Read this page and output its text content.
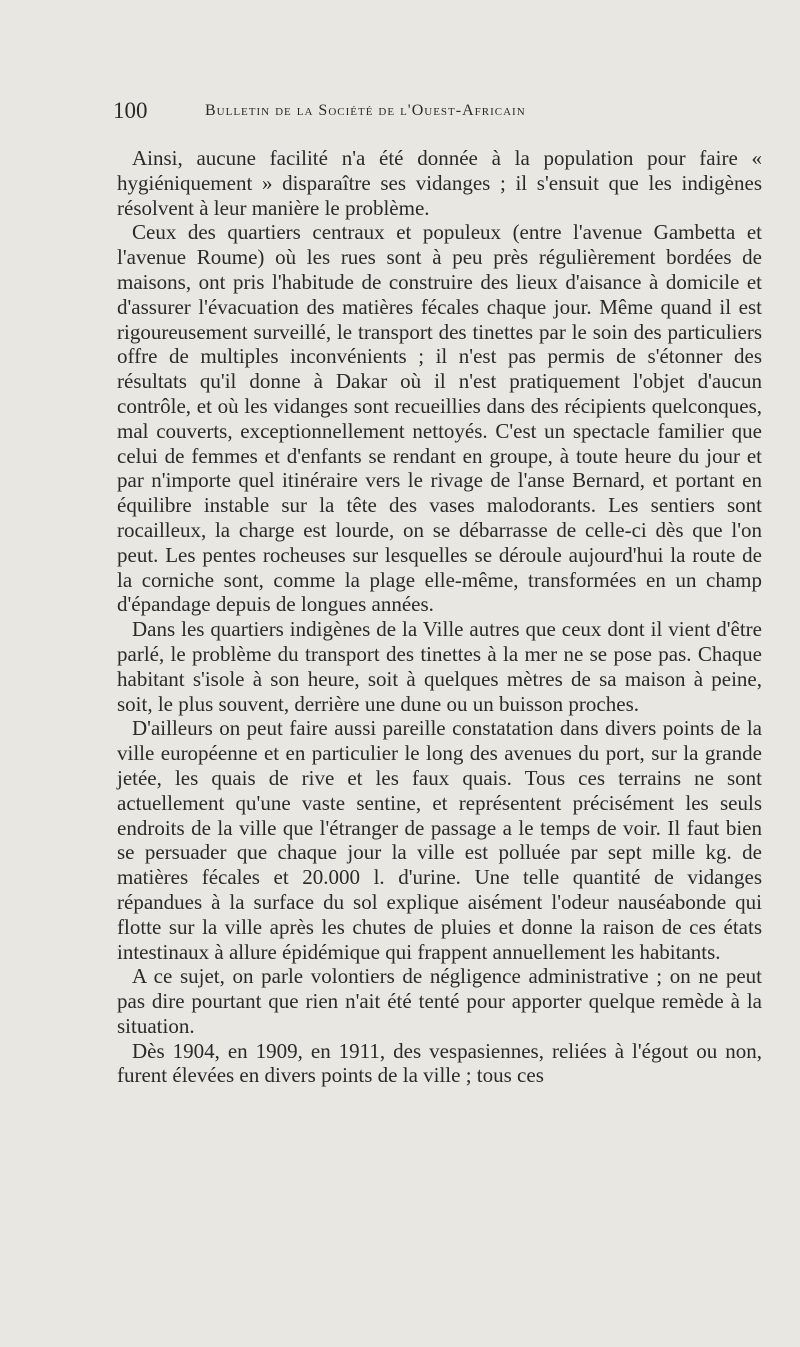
100	Bulletin de la Société de l'Ouest-Africain

Ainsi, aucune facilité n'a été donnée à la population pour faire « hygiéniquement » disparaître ses vidanges ; il s'ensuit que les indigènes résolvent à leur manière le problème.

Ceux des quartiers centraux et populeux (entre l'avenue Gambetta et l'avenue Roume) où les rues sont à peu près régulièrement bordées de maisons, ont pris l'habitude de construire des lieux d'aisance à domicile et d'assurer l'évacuation des matières fécales chaque jour. Même quand il est rigoureusement surveillé, le transport des tinettes par le soin des particuliers offre de multiples inconvénients ; il n'est pas permis de s'étonner des résultats qu'il donne à Dakar où il n'est pratiquement l'objet d'aucun contrôle, et où les vidanges sont recueillies dans des récipients quelconques, mal couverts, exceptionnellement nettoyés. C'est un spectacle familier que celui de femmes et d'enfants se rendant en groupe, à toute heure du jour et par n'importe quel itinéraire vers le rivage de l'anse Bernard, et portant en équilibre instable sur la tête des vases malodorants. Les sentiers sont rocailleux, la charge est lourde, on se débarrasse de celle-ci dès que l'on peut. Les pentes rocheuses sur lesquelles se déroule aujourd'hui la route de la corniche sont, comme la plage elle-même, transformées en un champ d'épandage depuis de longues années.

Dans les quartiers indigènes de la Ville autres que ceux dont il vient d'être parlé, le problème du transport des tinettes à la mer ne se pose pas. Chaque habitant s'isole à son heure, soit à quelques mètres de sa maison à peine, soit, le plus souvent, derrière une dune ou un buisson proches.

D'ailleurs on peut faire aussi pareille constatation dans divers points de la ville européenne et en particulier le long des avenues du port, sur la grande jetée, les quais de rive et les faux quais. Tous ces terrains ne sont actuellement qu'une vaste sentine, et représentent précisément les seuls endroits de la ville que l'étranger de passage a le temps de voir. Il faut bien se persuader que chaque jour la ville est polluée par sept mille kg. de matières fécales et 20.000 l. d'urine. Une telle quantité de vidanges répandues à la surface du sol explique aisément l'odeur nauséabonde qui flotte sur la ville après les chutes de pluies et donne la raison de ces états intestinaux à allure épidémique qui frappent annuellement les habitants.

A ce sujet, on parle volontiers de négligence administrative ; on ne peut pas dire pourtant que rien n'ait été tenté pour apporter quelque remède à la situation.

Dès 1904, en 1909, en 1911, des vespasiennes, reliées à l'égout ou non, furent élevées en divers points de la ville ; tous ces
